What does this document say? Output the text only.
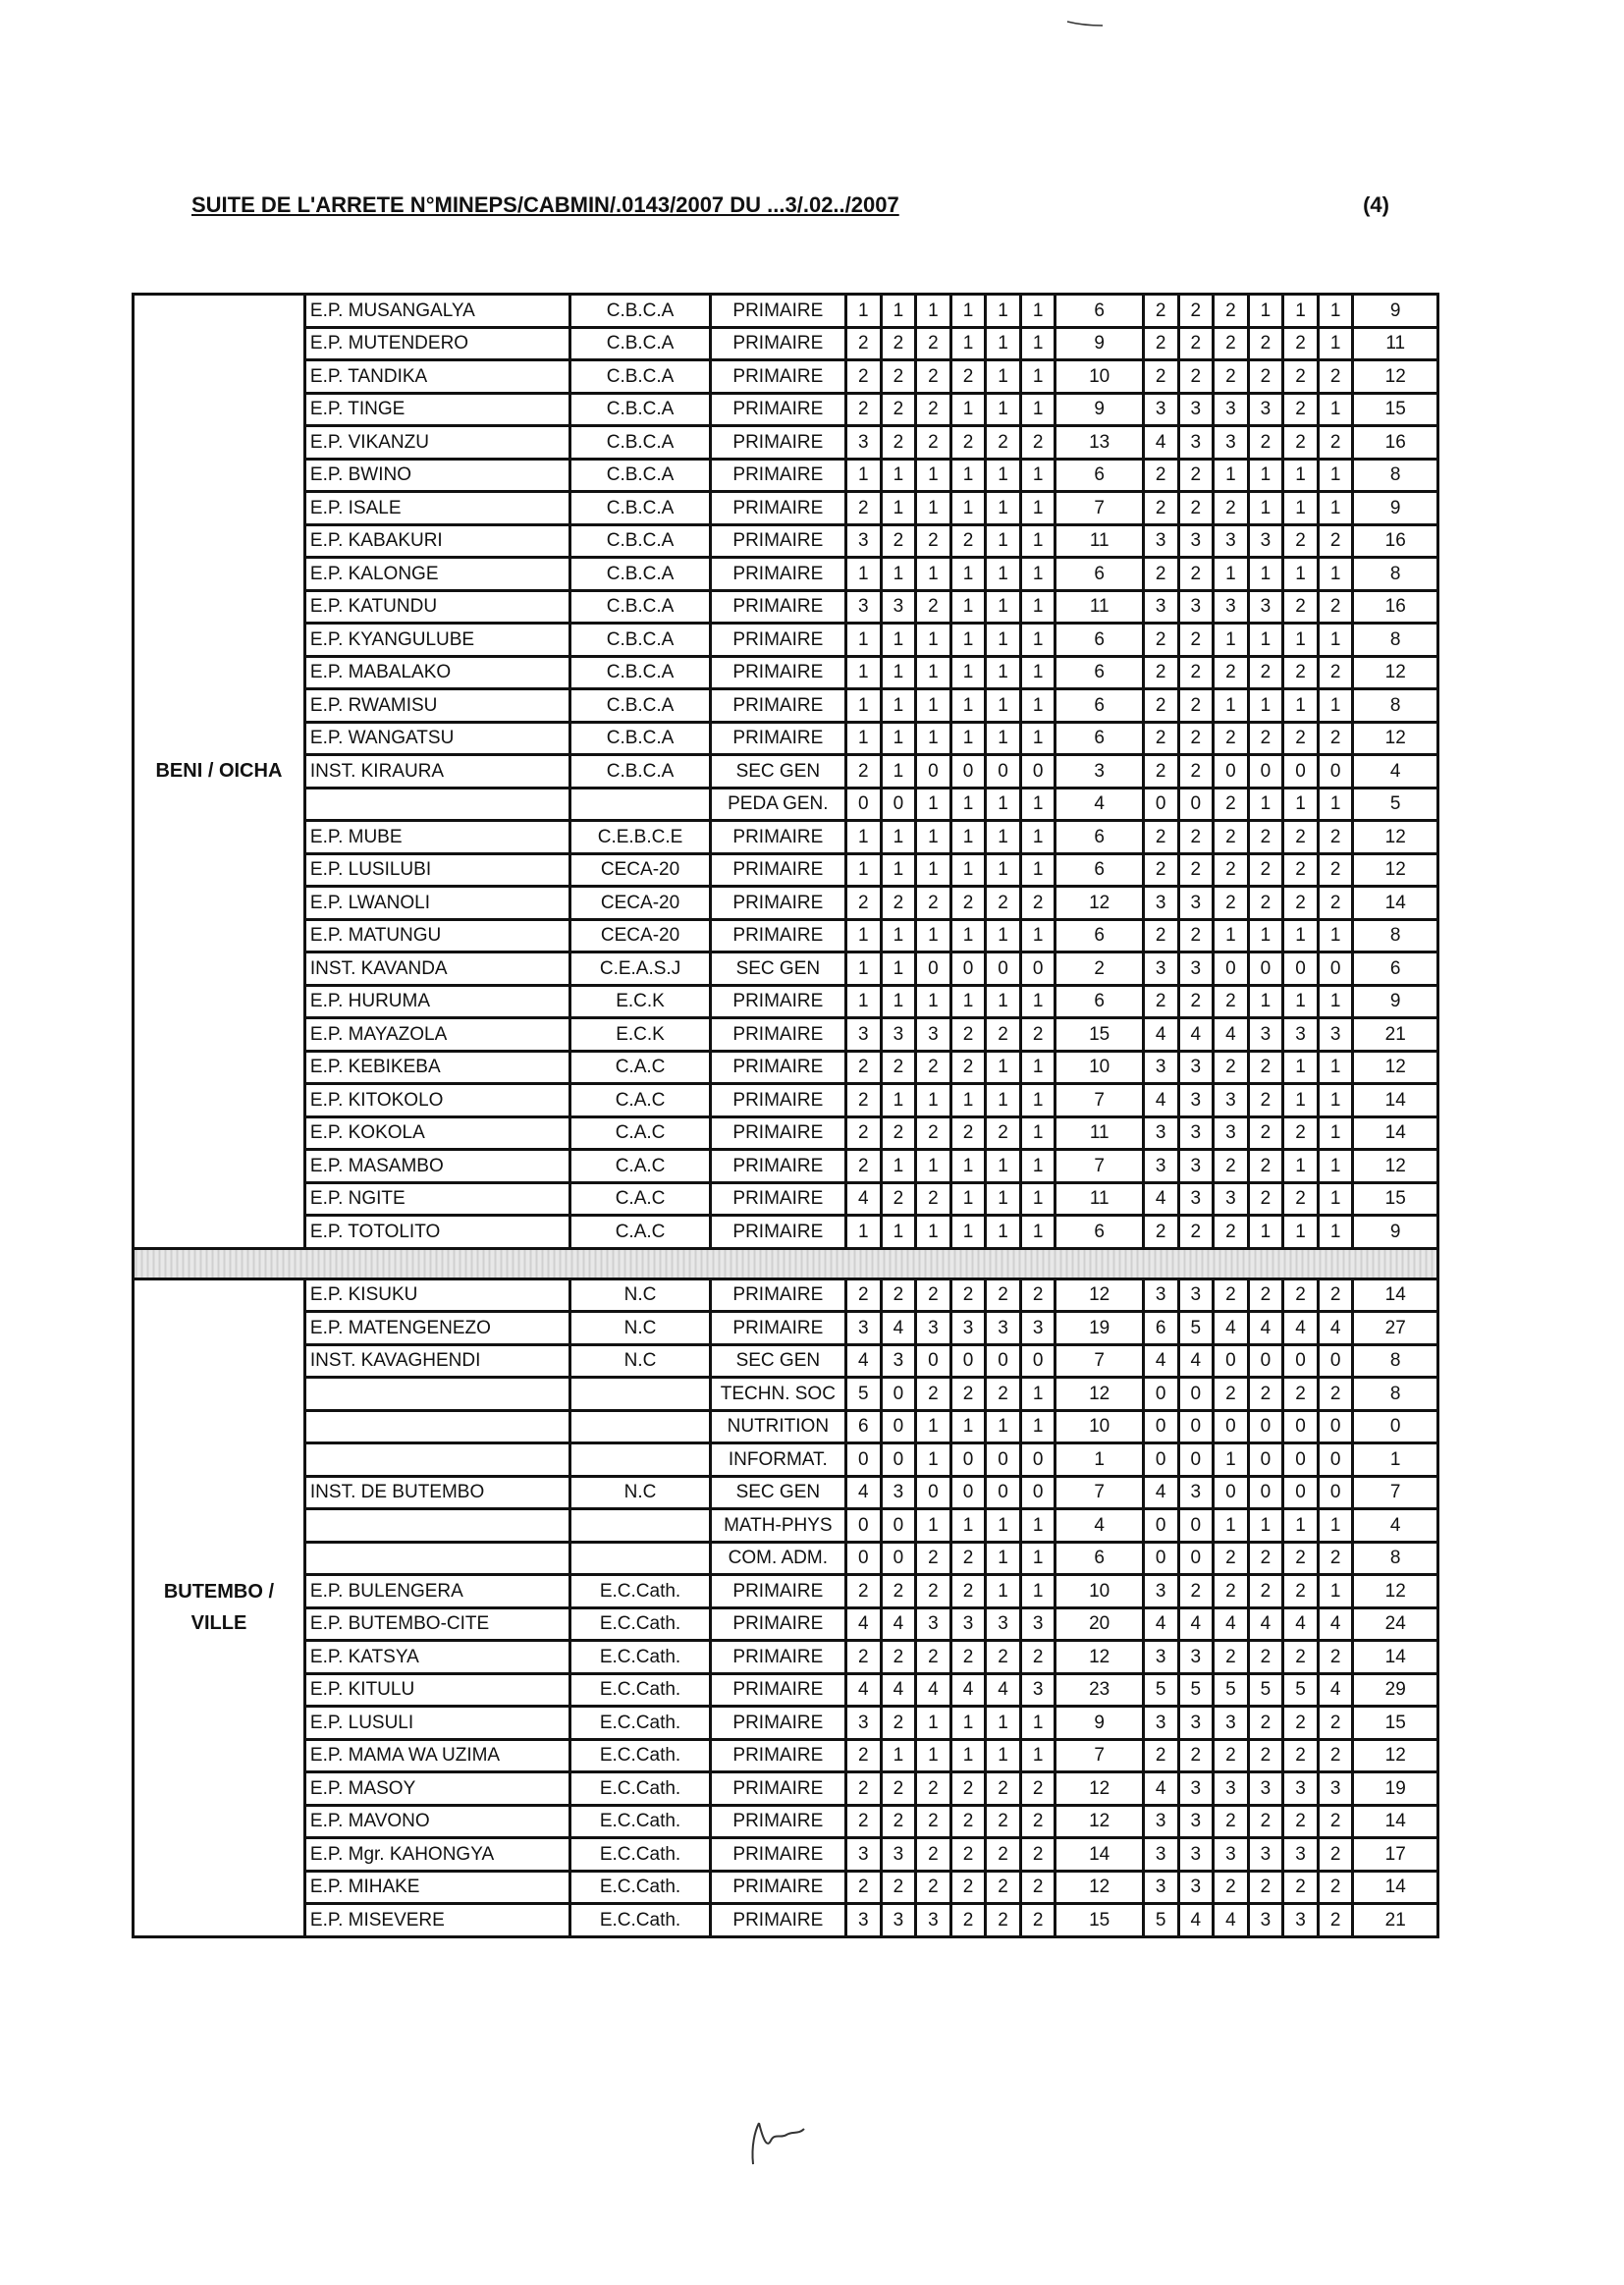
SUITE DE L'ARRETE N°MINEPS/CABMIN/.0143/2007 DU ...3/.02../2007	(4)
BENI / OICHA	E.P. MUSANGALYA	C.B.C.A	PRIMAIRE	1	1	1	1	1	1	6	2	2	2	1	1	1	9
	E.P. MUTENDERO	C.B.C.A	PRIMAIRE	2	2	2	1	1	1	9	2	2	2	2	2	1	11
	E.P. TANDIKA	C.B.C.A	PRIMAIRE	2	2	2	2	1	1	10	2	2	2	2	2	2	12
	E.P. TINGE	C.B.C.A	PRIMAIRE	2	2	2	1	1	1	9	3	3	3	3	2	1	15
	E.P. VIKANZU	C.B.C.A	PRIMAIRE	3	2	2	2	2	2	13	4	3	3	2	2	2	16
	E.P. BWINO	C.B.C.A	PRIMAIRE	1	1	1	1	1	1	6	2	2	1	1	1	1	8
	E.P. ISALE	C.B.C.A	PRIMAIRE	2	1	1	1	1	1	7	2	2	2	1	1	1	9
	E.P. KABAKURI	C.B.C.A	PRIMAIRE	3	2	2	2	1	1	11	3	3	3	3	2	2	16
	E.P. KALONGE	C.B.C.A	PRIMAIRE	1	1	1	1	1	1	6	2	2	1	1	1	1	8
	E.P. KATUNDU	C.B.C.A	PRIMAIRE	3	3	2	1	1	1	11	3	3	3	3	2	2	16
	E.P. KYANGULUBE	C.B.C.A	PRIMAIRE	1	1	1	1	1	1	6	2	2	1	1	1	1	8
	E.P. MABALAKO	C.B.C.A	PRIMAIRE	1	1	1	1	1	1	6	2	2	2	2	2	2	12
	E.P. RWAMISU	C.B.C.A	PRIMAIRE	1	1	1	1	1	1	6	2	2	1	1	1	1	8
	E.P. WANGATSU	C.B.C.A	PRIMAIRE	1	1	1	1	1	1	6	2	2	2	2	2	2	12
	INST. KIRAURA	C.B.C.A	SEC GEN	2	1	0	0	0	0	3	2	2	0	0	0	0	4
			PEDA GEN.	0	0	1	1	1	1	4	0	0	2	1	1	1	5
	E.P. MUBE	C.E.B.C.E	PRIMAIRE	1	1	1	1	1	1	6	2	2	2	2	2	2	12
	E.P. LUSILUBI	CECA-20	PRIMAIRE	1	1	1	1	1	1	6	2	2	2	2	2	2	12
	E.P. LWANOLI	CECA-20	PRIMAIRE	2	2	2	2	2	2	12	3	3	2	2	2	2	14
	E.P. MATUNGU	CECA-20	PRIMAIRE	1	1	1	1	1	1	6	2	2	1	1	1	1	8
	INST. KAVANDA	C.E.A.S.J	SEC GEN	1	1	0	0	0	0	2	3	3	0	0	0	0	6
	E.P. HURUMA	E.C.K	PRIMAIRE	1	1	1	1	1	1	6	2	2	2	1	1	1	9
	E.P. MAYAZOLA	E.C.K	PRIMAIRE	3	3	3	2	2	2	15	4	4	4	3	3	3	21
	E.P. KEBIKEBA	C.A.C	PRIMAIRE	2	2	2	2	1	1	10	3	3	2	2	1	1	12
	E.P. KITOKOLO	C.A.C	PRIMAIRE	2	1	1	1	1	1	7	4	3	3	2	1	1	14
	E.P. KOKOLA	C.A.C	PRIMAIRE	2	2	2	2	2	1	11	3	3	3	2	2	1	14
	E.P. MASAMBO	C.A.C	PRIMAIRE	2	1	1	1	1	1	7	3	3	2	2	1	1	12
	E.P. NGITE	C.A.C	PRIMAIRE	4	2	2	1	1	1	11	4	3	3	2	2	1	15
	E.P. TOTOLITO	C.A.C	PRIMAIRE	1	1	1	1	1	1	6	2	2	2	1	1	1	9

BUTEMBO / VILLE	E.P. KISUKU	N.C	PRIMAIRE	2	2	2	2	2	2	12	3	3	2	2	2	2	14
	E.P. MATENGENEZO	N.C	PRIMAIRE	3	4	3	3	3	3	19	6	5	4	4	4	4	27
	INST. KAVAGHENDI	N.C	SEC GEN	4	3	0	0	0	0	7	4	4	0	0	0	0	8
			TECHN. SOC	5	0	2	2	2	1	12	0	0	2	2	2	2	8
			NUTRITION	6	0	1	1	1	1	10	0	0	0	0	0	0	0
			INFORMAT.	0	0	1	0	0	0	1	0	0	1	0	0	0	1
	INST. DE BUTEMBO	N.C	SEC GEN	4	3	0	0	0	0	7	4	3	0	0	0	0	7
			MATH-PHYS	0	0	1	1	1	1	4	0	0	1	1	1	1	4
			COM. ADM.	0	0	2	2	1	1	6	0	0	2	2	2	2	8
	E.P. BULENGERA	E.C.Cath.	PRIMAIRE	2	2	2	2	1	1	10	3	2	2	2	2	1	12
	E.P. BUTEMBO-CITE	E.C.Cath.	PRIMAIRE	4	4	3	3	3	3	20	4	4	4	4	4	4	24
	E.P. KATSYA	E.C.Cath.	PRIMAIRE	2	2	2	2	2	2	12	3	3	2	2	2	2	14
	E.P. KITULU	E.C.Cath.	PRIMAIRE	4	4	4	4	4	3	23	5	5	5	5	5	4	29
	E.P. LUSULI	E.C.Cath.	PRIMAIRE	3	2	1	1	1	1	9	3	3	3	2	2	2	15
	E.P. MAMA WA UZIMA	E.C.Cath.	PRIMAIRE	2	1	1	1	1	1	7	2	2	2	2	2	2	12
	E.P. MASOY	E.C.Cath.	PRIMAIRE	2	2	2	2	2	2	12	4	3	3	3	3	3	19
	E.P. MAVONO	E.C.Cath.	PRIMAIRE	2	2	2	2	2	2	12	3	3	2	2	2	2	14
	E.P. Mgr. KAHONGYA	E.C.Cath.	PRIMAIRE	3	3	2	2	2	2	14	3	3	3	3	3	2	17
	E.P. MIHAKE	E.C.Cath.	PRIMAIRE	2	2	2	2	2	2	12	3	3	2	2	2	2	14
	E.P. MISEVERE	E.C.Cath.	PRIMAIRE	3	3	3	2	2	2	15	5	4	4	3	3	2	21
